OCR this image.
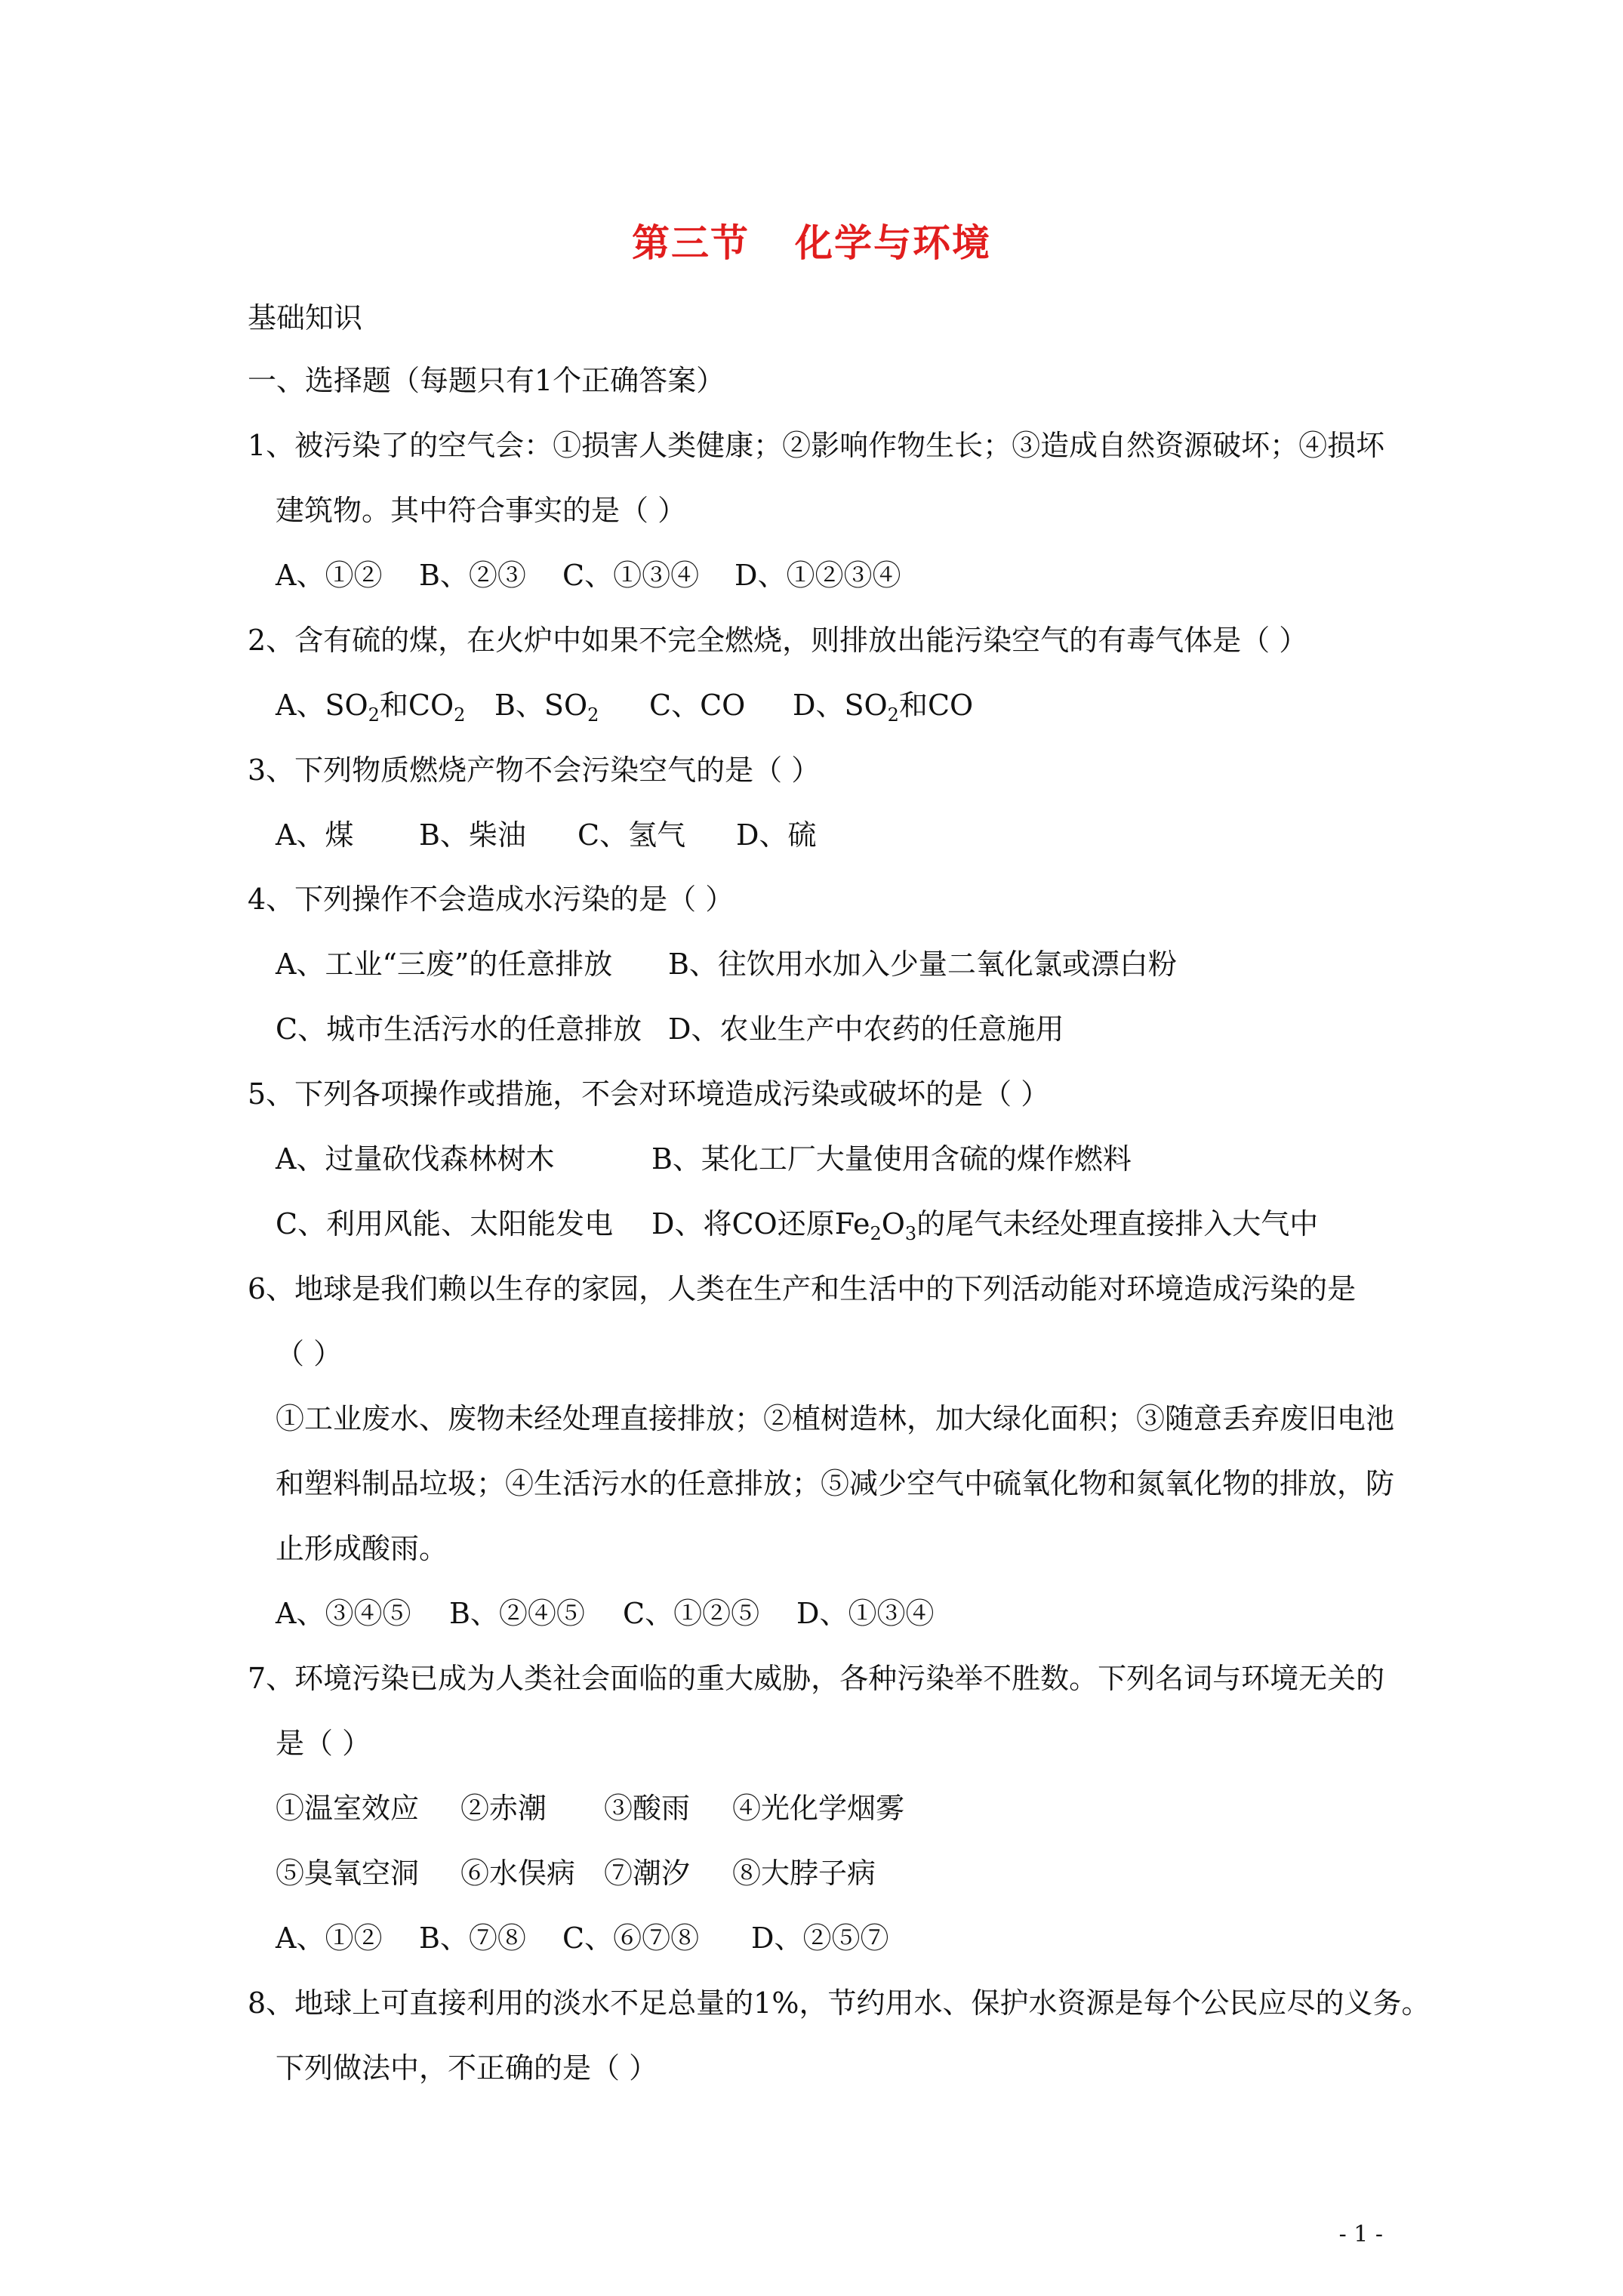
第三节 化学与环境
基础知识
一、选择题（每题只有1个正确答案）
1、被污染了的空气会：①损害人类健康；②影响作物生长；③造成自然资源破坏；④损坏
建筑物。其中符合事实的是（ ）
A、①② B、②③ C、①③④ D、①②③④
2、含有硫的煤，在火炉中如果不完全燃烧，则排放出能污染空气的有毒气体是（ ）
A、$SO_2$和$CO_2$ B、$SO_2$ C、CO D、$SO_2$和CO
3、下列物质燃烧产物不会污染空气的是（ ）
A、煤 B、柴油 C、氢气 D、硫
4、下列操作不会造成水污染的是（ ）
A、工业“三废”的任意排放 B、往饮用水加入少量二氧化氯或漂白粉
C、城市生活污水的任意排放 D、农业生产中农药的任意施用
5、下列各项操作或措施，不会对环境造成污染或破坏的是（ ）
A、过量砍伐森林树木	B、某化工厂大量使用含硫的煤作燃料
C、利用风能、太阳能发电 D、将CO还原$Fe_2O_3$的尾气未经处理直接排入大气中
6、地球是我们赖以生存的家园，人类在生产和生活中的下列活动能对环境造成污染的是
（ ）
①工业废水、废物未经处理直接排放；②植树造林，加大绿化面积；③随意丢弃废旧电池
和塑料制品垃圾；④生活污水的任意排放；⑤减少空气中硫氧化物和氮氧化物的排放，防
止形成酸雨。
A、③④⑤ B、②④⑤ C、①②⑤ D、①③④
7、环境污染已成为人类社会面临的重大威胁，各种污染举不胜数。下列名词与环境无关的
是（ ）
①温室效应 ②赤潮 ③酸雨 ④光化学烟雾
⑤臭氧空洞 ⑥水俣病 ⑦潮汐 ⑧大脖子病
A、①② B、⑦⑧ C、⑥⑦⑧ D、②⑤⑦
8、地球上可直接利用的淡水不足总量的1%，节约用水、保护水资源是每个公民应尽的义务。
下列做法中，不正确的是（ ）
- 1 -
